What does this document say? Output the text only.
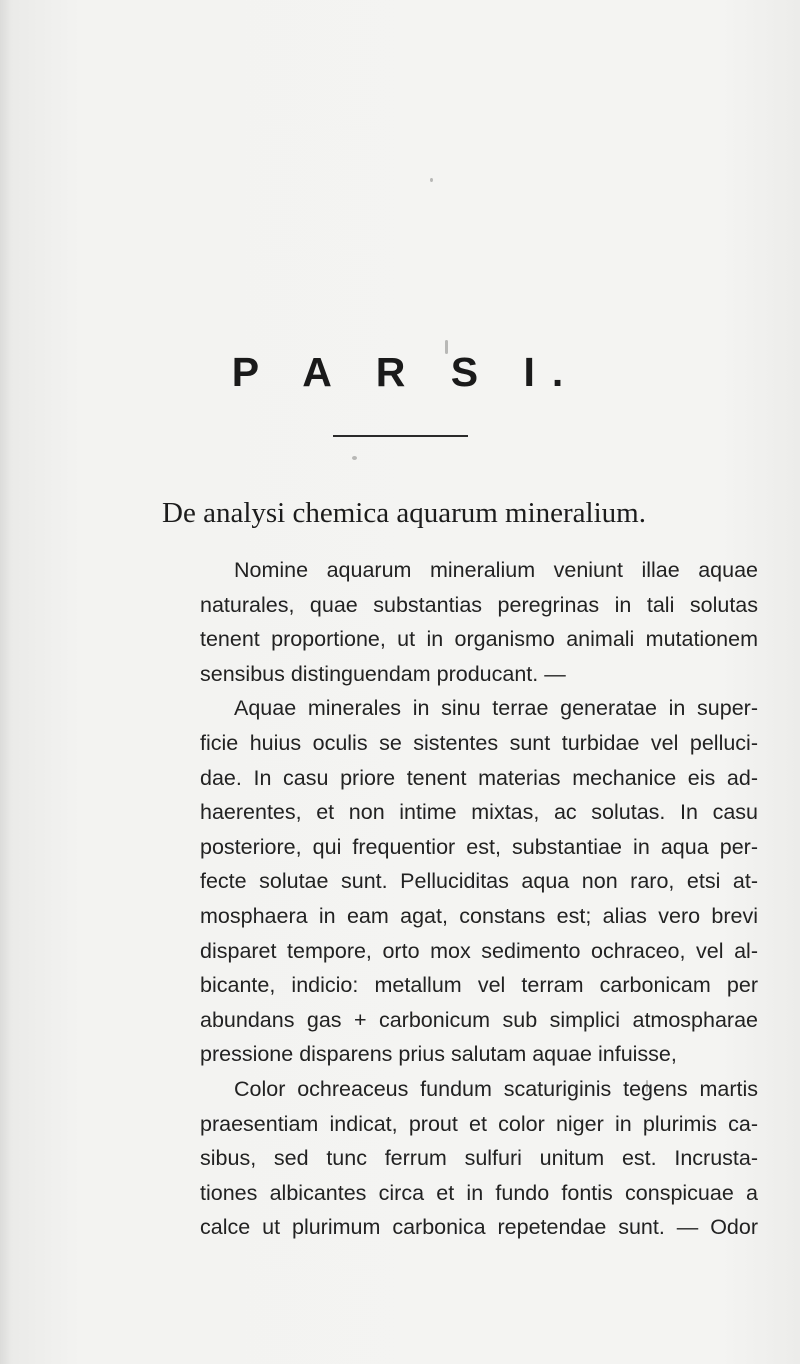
P A R S I.
De analysi chemica aquarum mineralium.
Nomine aquarum mineralium veniunt illae aquae
naturales, quae substantias peregrinas in tali solutas
tenent proportione, ut in organismo animali mutationem
sensibus distinguendam producant. —
Aquae minerales in sinu terrae generatae in super-
ficie huius oculis se sistentes sunt turbidae vel pelluci-
dae. In casu priore tenent materias mechanice eis ad-
haerentes, et non intime mixtas, ac solutas. In casu
posteriore, qui frequentior est, substantiae in aqua per-
fecte solutae sunt. Pelluciditas aqua non raro, etsi at-
mosphaera in eam agat, constans est; alias vero brevi
disparet tempore, orto mox sedimento ochraceo, vel al-
bicante, indicio: metallum vel terram carbonicam per
abundans gas + carbonicum sub simplici atmospharae
pressione disparens prius salutam aquae infuisse,
Color ochreaceus fundum scaturiginis tegens martis
praesentiam indicat, prout et color niger in plurimis ca-
sibus, sed tunc ferrum sulfuri unitum est. Incrusta-
tiones albicantes circa et in fundo fontis conspicuae a
calce ut plurimum carbonica repetendae sunt. — Odor
